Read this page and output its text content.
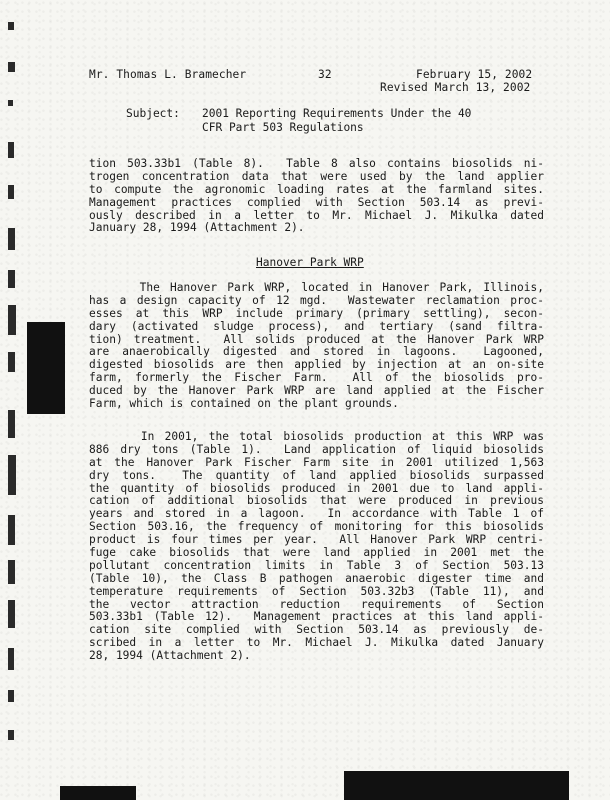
Mr. Thomas L. Bramecher	32	February 15, 2002
Revised March 13, 2002
Subject: 2001 Reporting Requirements Under the 40
CFR Part 503 Regulations
tion 503.33b1 (Table 8).  Table 8 also contains biosolids ni-
trogen concentration data that were used by the land applier
to compute the agronomic loading rates at the farmland sites.
Management practices complied with Section 503.14 as previ-
ously described in a letter to Mr. Michael J. Mikulka dated
January 28, 1994 (Attachment 2).
Hanover Park WRP
The Hanover Park WRP, located in Hanover Park, Illinois,
has a design capacity of 12 mgd.  Wastewater reclamation proc-
esses at this WRP include primary (primary settling), secon-
dary (activated sludge process), and tertiary (sand filtra-
tion) treatment.  All solids produced at the Hanover Park WRP
are anaerobically digested and stored in lagoons.  Lagooned,
digested biosolids are then applied by injection at an on-site
farm, formerly the Fischer Farm.  All of the biosolids pro-
duced by the Hanover Park WRP are land applied at the Fischer
Farm, which is contained on the plant grounds.
In 2001, the total biosolids production at this WRP was
886 dry tons (Table 1).  Land application of liquid biosolids
at the Hanover Park Fischer Farm site in 2001 utilized 1,563
dry tons.  The quantity of land applied biosolids surpassed
the quantity of biosolids produced in 2001 due to land appli-
cation of additional biosolids that were produced in previous
years and stored in a lagoon.  In accordance with Table 1 of
Section 503.16, the frequency of monitoring for this biosolids
product is four times per year.  All Hanover Park WRP centri-
fuge cake biosolids that were land applied in 2001 met the
pollutant concentration limits in Table 3 of Section 503.13
(Table 10), the Class B pathogen anaerobic digester time and
temperature requirements of Section 503.32b3 (Table 11), and
the vector attraction reduction requirements of Section
503.33b1 (Table 12).  Management practices at this land appli-
cation site complied with Section 503.14 as previously de-
scribed in a letter to Mr. Michael J. Mikulka dated January
28, 1994 (Attachment 2).
